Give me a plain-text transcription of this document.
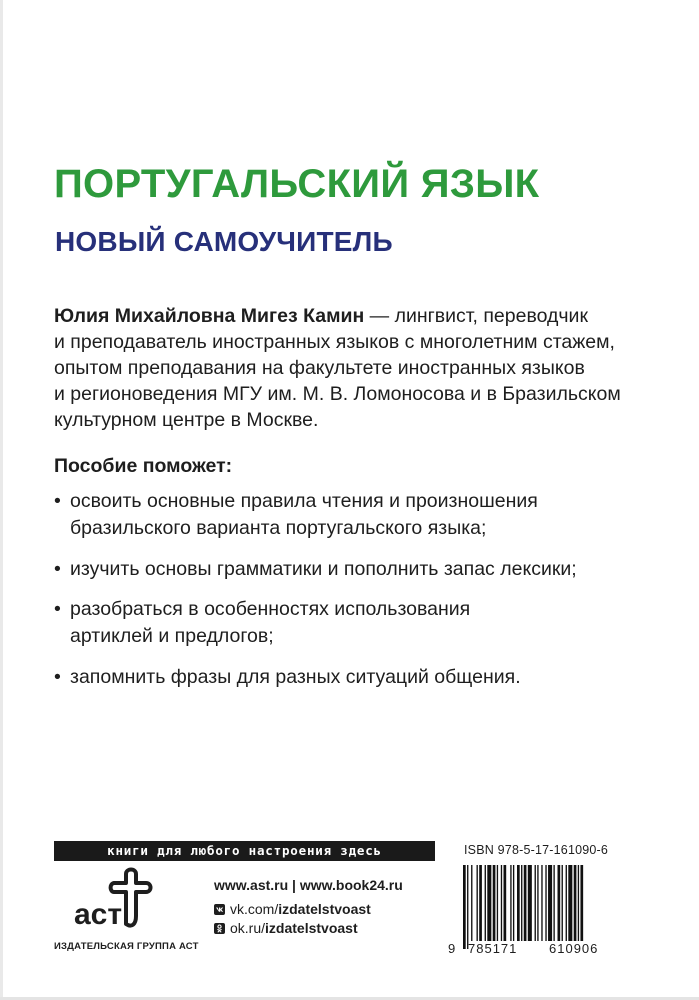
ПОРТУГАЛЬСКИЙ ЯЗЫК
НОВЫЙ САМОУЧИТЕЛЬ
Юлия Михайловна Мигез Камин — лингвист, переводчик
и преподаватель иностранных языков с многолетним стажем,
опытом преподавания на факультете иностранных языков
и регионоведения МГУ им. М. В. Ломоносова и в Бразильском
культурном центре в Москве.
Пособие поможет:
• освоить основные правила чтения и произношения
бразильского варианта португальского языка;
• изучить основы грамматики и пополнить запас лексики;
• разобраться в особенностях использования
артиклей и предлогов;
• запомнить фразы для разных ситуаций общения.
книги для любого настроения здесь
аст
ИЗДАТЕЛЬСКАЯ ГРУППА АСТ
www.ast.ru | www.book24.ru
vk.com/ izdatelstvoast
ok.ru/ izdatelstvoast
ISBN 978-5-17-161090-6
9 785171 610906
